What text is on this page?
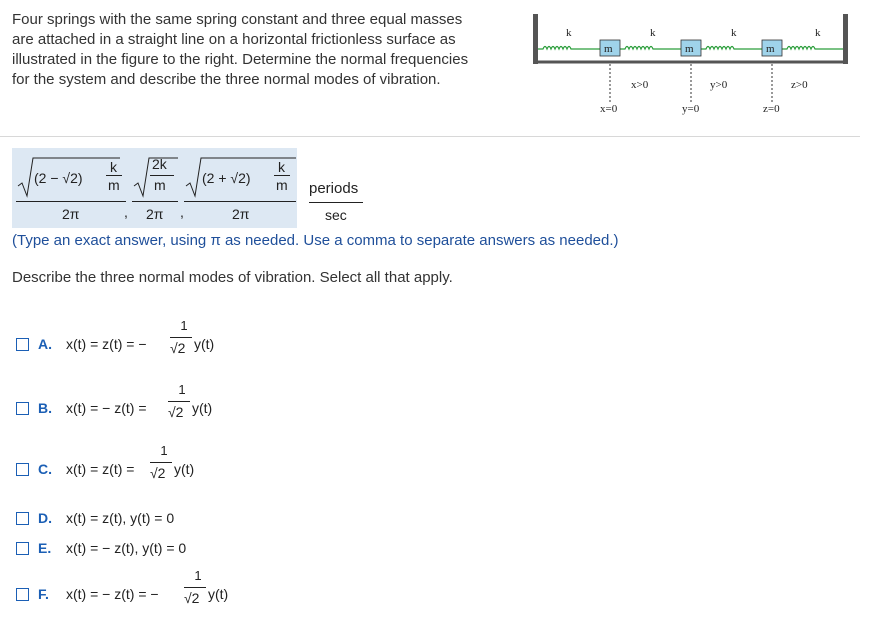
Four springs with the same spring constant and three equal masses
are attached in a straight line on a horizontal frictionless surface as
illustrated in the figure to the right. Determine the normal frequencies
for the system and describe the three normal modes of vibration.
k	k	k	k
m	m	m
x>0	y>0	z>0
x=0	y=0	z=0
(2 − √2)
k
m
2π	,
2k
m
2π ,
(2 + √2)
k
m
2π
periods
sec
(Type an exact answer, using π as needed. Use a comma to separate answers as needed.)
Describe the three normal modes of vibration. Select all that apply.
A. x(t) = z(t) = −
1
√2 y(t)
B. x(t) = − z(t) =
1
√2 y(t)
C. x(t) = z(t) =
1
√2 y(t)
D. x(t) = z(t), y(t) = 0
E. x(t) = − z(t), y(t) = 0
F. x(t) = − z(t) = −
1
√2 y(t)
